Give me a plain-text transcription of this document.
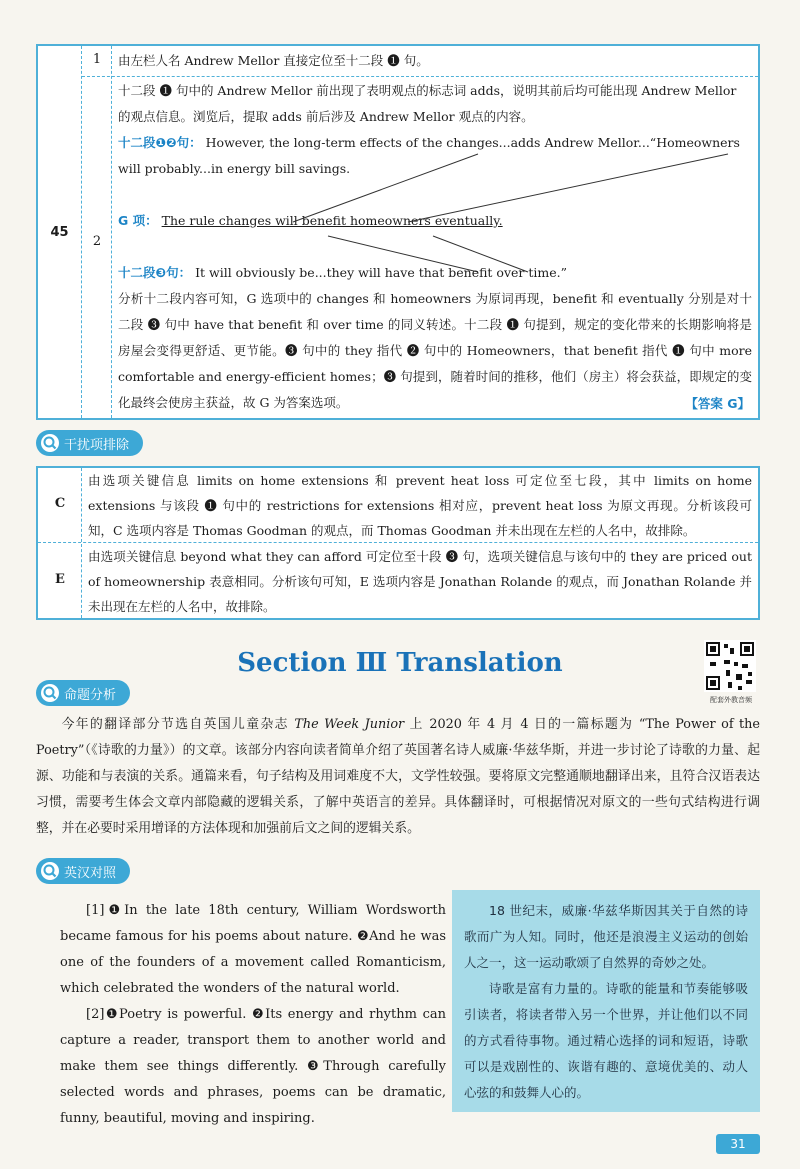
45
1
2
由左栏人名 Andrew Mellor 直接定位至十二段 ❶ 句。
十二段 ❶ 句中的 Andrew Mellor 前出现了表明观点的标志词 adds，说明其前后均可能出现 Andrew Mellor 的观点信息。浏览后，提取 adds 前后涉及 Andrew Mellor 观点的内容。
十二段❶❷句： However, the long-term effects of the changes...adds Andrew Mellor...“Homeowners will probably...in energy bill savings.
G 项： The rule changes will benefit homeowners eventually.
十二段❸句： It will obviously be...they will have that benefit over time.”
分析十二段内容可知，G 选项中的 changes 和 homeowners 为原词再现，benefit 和 eventually 分别是对十二段 ❸ 句中 have that benefit 和 over time 的同义转述。十二段 ❶ 句提到，规定的变化带来的长期影响将是房屋会变得更舒适、更节能。❸ 句中的 they 指代 ❷ 句中的 Homeowners，that benefit 指代 ❶ 句中 more comfortable and energy-efficient homes；❸ 句提到，随着时间的推移，他们（房主）将会获益，即规定的变化最终会使房主获益，故 G 为答案选项。	【答案 G】
干扰项排除
C
E
由选项关键信息 limits on home extensions 和 prevent heat loss 可定位至七段，其中 limits on home extensions 与该段 ❶ 句中的 restrictions for extensions 相对应，prevent heat loss 为原文再现。分析该段可知，C 选项内容是 Thomas Goodman 的观点，而 Thomas Goodman 并未出现在左栏的人名中，故排除。
由选项关键信息 beyond what they can afford 可定位至十段 ❸ 句，选项关键信息与该句中的 they are priced out of homeownership 表意相同。分析该句可知，E 选项内容是 Jonathan Rolande 的观点，而 Jonathan Rolande 并未出现在左栏的人名中，故排除。
Section Ⅲ Translation
配套外教音频
命题分析
今年的翻译部分节选自英国儿童杂志 The Week Junior 上 2020 年 4 月 4 日的一篇标题为 “The Power of the Poetry”（《诗歌的力量》）的文章。该部分内容向读者简单介绍了英国著名诗人威廉·华兹华斯，并进一步讨论了诗歌的力量、起源、功能和与表演的关系。通篇来看，句子结构及用词难度不大，文学性较强。要将原文完整通顺地翻译出来，且符合汉语表达习惯，需要考生体会文章内部隐藏的逻辑关系，了解中英语言的差异。具体翻译时，可根据情况对原文的一些句式结构进行调整，并在必要时采用增译的方法体现和加强前后文之间的逻辑关系。
英汉对照

[1]❶In the late 18th century, William Wordsworth became famous for his poems about nature. ❷And he was one of the founders of a movement called Romanticism, which celebrated the wonders of the natural world.

[2]❶Poetry is powerful. ❷Its energy and rhythm can capture a reader, transport them to another world and make them see things differently. ❸Through carefully selected words and phrases, poems can be dramatic, funny, beautiful, moving and inspiring.

18 世纪末，威廉·华兹华斯因其关于自然的诗歌而广为人知。同时，他还是浪漫主义运动的创始人之一，这一运动歌颂了自然界的奇妙之处。

诗歌是富有力量的。诗歌的能量和节奏能够吸引读者，将读者带入另一个世界，并让他们以不同的方式看待事物。通过精心选择的词和短语，诗歌可以是戏剧性的、诙谐有趣的、意境优美的、动人心弦的和鼓舞人心的。

31
